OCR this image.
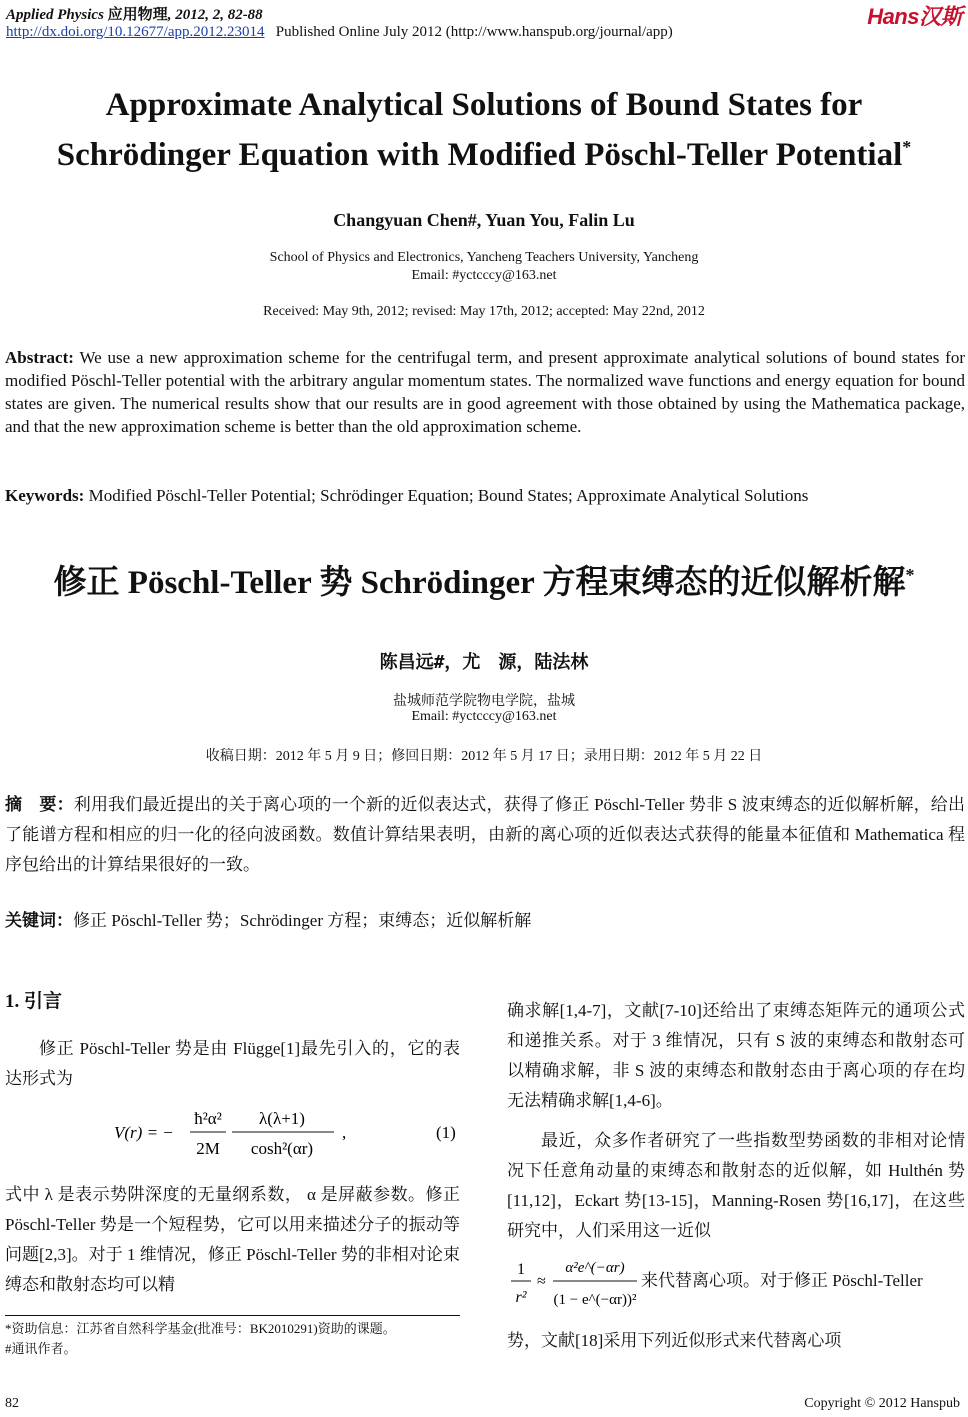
Applied Physics 应用物理, 2012, 2, 82-88
http://dx.doi.org/10.12677/app.2012.23014 Published Online July 2012 (http://www.hanspub.org/journal/app)
Hans汉斯
Approximate Analytical Solutions of Bound States for
Schrödinger Equation with Modified Pöschl-Teller Potential*
Changyuan Chen#, Yuan You, Falin Lu
School of Physics and Electronics, Yancheng Teachers University, Yancheng
Email: #yctcccy@163.net
Received: May 9th, 2012; revised: May 17th, 2012; accepted: May 22nd, 2012
Abstract: We use a new approximation scheme for the centrifugal term, and present approximate analytical solutions of bound states for modified Pöschl-Teller potential with the arbitrary angular momentum states. The normalized wave functions and energy equation for bound states are given. The numerical results show that our results are in good agreement with those obtained by using the Mathematica package, and that the new approximation scheme is better than the old approximation scheme.
Keywords: Modified Pöschl-Teller Potential; Schrödinger Equation; Bound States; Approximate Analytical Solutions
修正 Pöschl-Teller 势 Schrödinger 方程束缚态的近似解析解*
陈昌远#，尤　源，陆法林
盐城师范学院物电学院，盐城
Email: #yctcccy@163.net
收稿日期：2012 年 5 月 9 日；修回日期：2012 年 5 月 17 日；录用日期：2012 年 5 月 22 日
摘　要：利用我们最近提出的关于离心项的一个新的近似表达式，获得了修正 Pöschl-Teller 势非 S 波束缚态的近似解析解，给出了能谱方程和相应的归一化的径向波函数。数值计算结果表明，由新的离心项的近似表达式获得的能量本征值和 Mathematica 程序包给出的计算结果很好的一致。
关键词：修正 Pöschl-Teller 势；Schrödinger 方程；束缚态；近似解析解
1. 引言
修正 Pöschl-Teller 势是由 Flügge[1]最先引入的，它的表达形式为
V(r) = −
ħ²α²
2M
λ(λ+1)
cosh²(αr)
,	(1)
式中 λ 是表示势阱深度的无量纲系数， α 是屏蔽参数。修正 Pöschl-Teller 势是一个短程势，它可以用来描述分子的振动等问题[2,3]。对于 1 维情况，修正 Pöschl-Teller 势的非相对论束缚态和散射态均可以精
确求解[1,4-7]，文献[7-10]还给出了束缚态矩阵元的通项公式和递推关系。对于 3 维情况，只有 S 波的束缚态和散射态可以精确求解，非 S 波的束缚态和散射态由于离心项的存在均无法精确求解[1,4-6]。
最近，众多作者研究了一些指数型势函数的非相对论情况下任意角动量的束缚态和散射态的近似解，如 Hulthén 势[11,12]，Eckart 势[13-15]，Manning-Rosen 势[16,17]，在这些研究中，人们采用这一近似
1
r²
≈
α²e^(−αr)
(1 − e^(−αr))²
来代替离心项。对于修正 Pöschl-Teller
势，文献[18]采用下列近似形式来代替离心项
*资助信息：江苏省自然科学基金(批准号：BK2010291)资助的课题。
#通讯作者。
82	Copyright © 2012 Hanspub
